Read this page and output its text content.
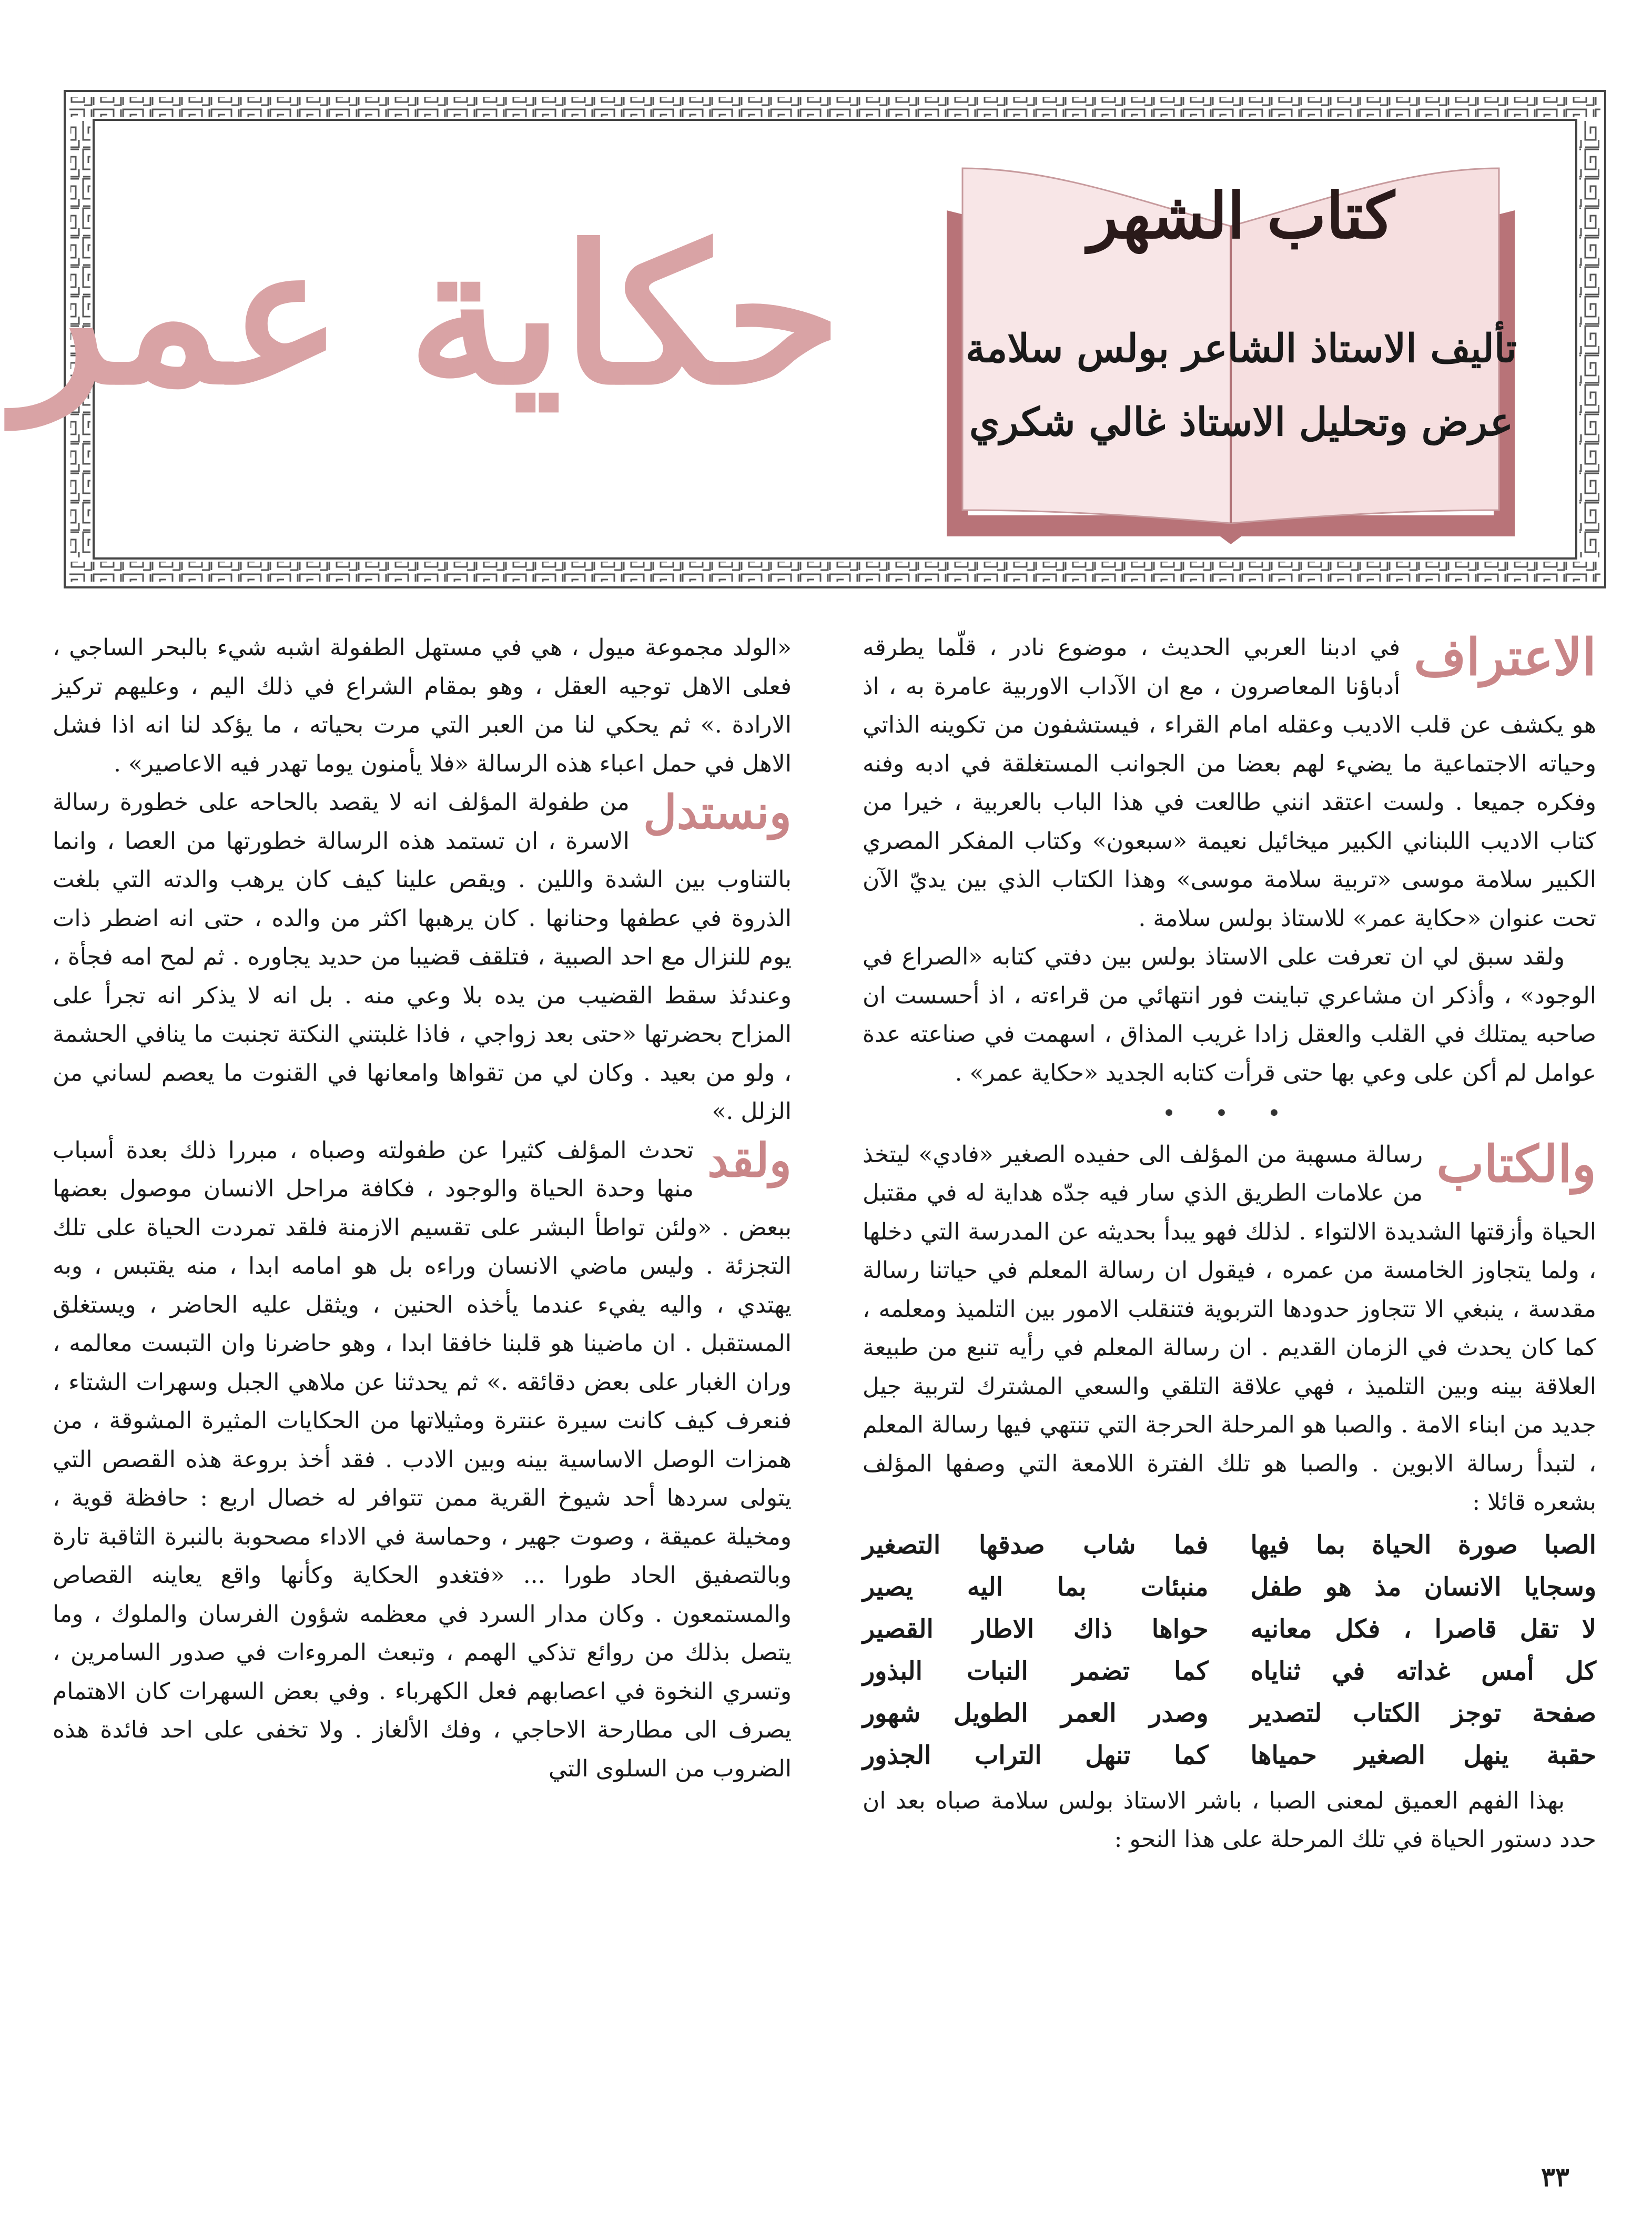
كتاب الشهر
تأليف الاستاذ الشاعر بولس سلامة
عرض وتحليل الاستاذ غالي شكري
حكاية عمر

الاعتراف
في ادبنا العربي الحديث ، موضوع نادر ، قلّما يطرقه أدباؤنا المعاصرون ، مع ان الآداب الاوربية عامرة به ، اذ هو يكشف عن قلب الاديب وعقله امام القراء ، فيستشفون من تكوينه الذاتي وحياته الاجتماعية ما يضيء لهم بعضا من الجوانب المستغلقة في ادبه وفنه وفكره جميعا . ولست اعتقد انني طالعت في هذا الباب بالعربية ، خيرا من كتاب الاديب اللبناني الكبير ميخائيل نعيمة «سبعون» وكتاب المفكر المصري الكبير سلامة موسى «تربية سلامة موسى» وهذا الكتاب الذي بين يديّ الآن تحت عنوان «حكاية عمر» للاستاذ بولس سلامة .

ولقد سبق لي ان تعرفت على الاستاذ بولس بين دفتي كتابه «الصراع في الوجود» ، وأذكر ان مشاعري تباينت فور انتهائي من قراءته ، اذ أحسست ان صاحبه يمتلك في القلب والعقل زادا غريب المذاق ، اسهمت في صناعته عدة عوامل لم أكن على وعي بها حتى قرأت كتابه الجديد «حكاية عمر» .

• • •

والكتاب
رسالة مسهبة من المؤلف الى حفيده الصغير «فادي» ليتخذ من علامات الطريق الذي سار فيه جدّه هداية له في مقتبل الحياة وأزقتها الشديدة الالتواء . لذلك فهو يبدأ بحديثه عن المدرسة التي دخلها ، ولما يتجاوز الخامسة من عمره ، فيقول ان رسالة المعلم في حياتنا رسالة مقدسة ، ينبغي الا تتجاوز حدودها التربوية فتنقلب الامور بين التلميذ ومعلمه ، كما كان يحدث في الزمان القديم . ان رسالة المعلم في رأيه تنبع من طبيعة العلاقة بينه وبين التلميذ ، فهي علاقة التلقي والسعي المشترك لتربية جيل جديد من ابناء الامة . والصبا هو المرحلة الحرجة التي تنتهي فيها رسالة المعلم ، لتبدأ رسالة الابوين . والصبا هو تلك الفترة اللامعة التي وصفها المؤلف بشعره قائلا :

الصبا صورة الحياة بما فيها
فما شاب صدقها التصغير
وسجايا الانسان مذ هو طفل
منبئات بما اليه يصير
لا تقل قاصرا ، فكل معانيه
حواها ذاك الاطار القصير
كل أمس غداته في ثناياه
كما تضمر النبات البذور
صفحة توجز الكتاب لتصدير
وصدر العمر الطويل شهور
حقبة ينهل الصغير حمياها
كما تنهل التراب الجذور

بهذا الفهم العميق لمعنى الصبا ، باشر الاستاذ بولس سلامة صباه بعد ان حدد دستور الحياة في تلك المرحلة على هذا النحو :

«الولد مجموعة ميول ، هي في مستهل الطفولة اشبه شيء بالبحر الساجي ، فعلى الاهل توجيه العقل ، وهو بمقام الشراع في ذلك اليم ، وعليهم تركيز الارادة .» ثم يحكي لنا من العبر التي مرت بحياته ، ما يؤكد لنا انه اذا فشل الاهل في حمل اعباء هذه الرسالة «فلا يأمنون يوما تهدر فيه الاعاصير» .

ونستدل
من طفولة المؤلف انه لا يقصد بالحاحه على خطورة رسالة الاسرة ، ان تستمد هذه الرسالة خطورتها من العصا ، وانما بالتناوب بين الشدة واللين . ويقص علينا كيف كان يرهب والدته التي بلغت الذروة في عطفها وحنانها . كان يرهبها اكثر من والده ، حتى انه اضطر ذات يوم للنزال مع احد الصبية ، فتلقف قضيبا من حديد يجاوره . ثم لمح امه فجأة ، وعندئذ سقط القضيب من يده بلا وعي منه . بل انه لا يذكر انه تجرأ على المزاح بحضرتها «حتى بعد زواجي ، فاذا غلبتني النكتة تجنبت ما ينافي الحشمة ، ولو من بعيد . وكان لي من تقواها وامعانها في القنوت ما يعصم لساني من الزلل .»

ولقد
تحدث المؤلف كثيرا عن طفولته وصباه ، مبررا ذلك بعدة أسباب منها وحدة الحياة والوجود ، فكافة مراحل الانسان موصول بعضها ببعض . «ولئن تواطأ البشر على تقسيم الازمنة فلقد تمردت الحياة على تلك التجزئة . وليس ماضي الانسان وراءه بل هو امامه ابدا ، منه يقتبس ، وبه يهتدي ، واليه يفيء عندما يأخذه الحنين ، ويثقل عليه الحاضر ، ويستغلق المستقبل . ان ماضينا هو قلبنا خافقا ابدا ، وهو حاضرنا وان التبست معالمه ، وران الغبار على بعض دقائقه .» ثم يحدثنا عن ملاهي الجبل وسهرات الشتاء ، فنعرف كيف كانت سيرة عنترة ومثيلاتها من الحكايات المثيرة المشوقة ، من همزات الوصل الاساسية بينه وبين الادب . فقد أخذ بروعة هذه القصص التي يتولى سردها أحد شيوخ القرية ممن تتوافر له خصال اربع : حافظة قوية ، ومخيلة عميقة ، وصوت جهير ، وحماسة في الاداء مصحوبة بالنبرة الثاقبة تارة وبالتصفيق الحاد طورا ... «فتغدو الحكاية وكأنها واقع يعاينه القصاص والمستمعون . وكان مدار السرد في معظمه شؤون الفرسان والملوك ، وما يتصل بذلك من روائع تذكي الهمم ، وتبعث المروءات في صدور السامرين ، وتسري النخوة في اعصابهم فعل الكهرباء . وفي بعض السهرات كان الاهتمام يصرف الى مطارحة الاحاجي ، وفك الألغاز . ولا تخفى على احد فائدة هذه الضروب من السلوى التي

٣٣
